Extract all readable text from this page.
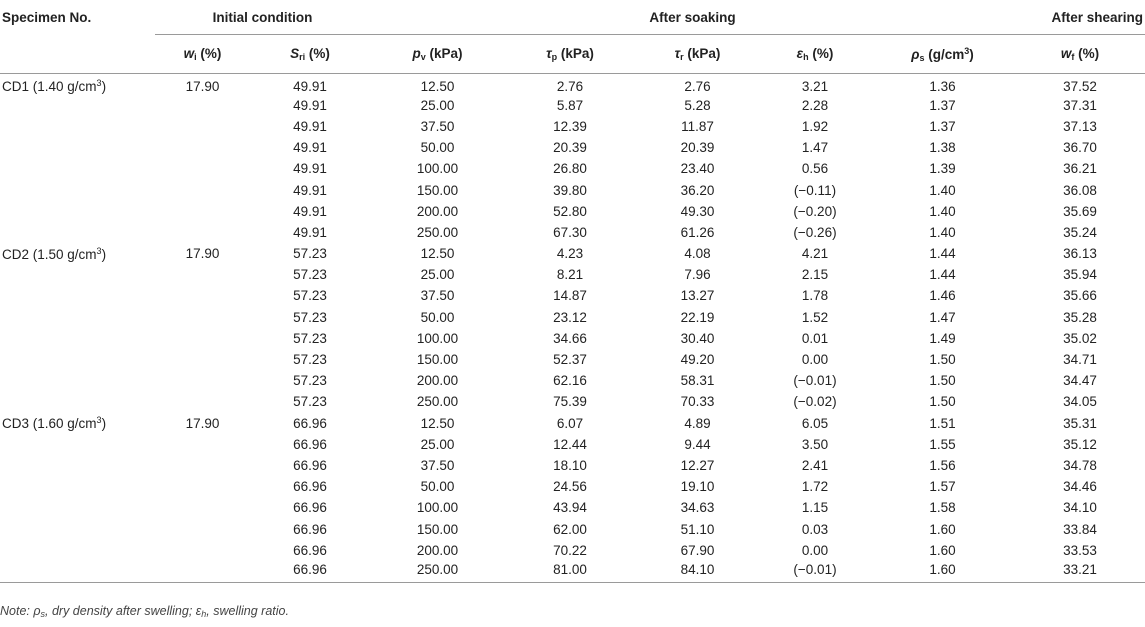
Specimen No.	Initial condition		After soaking					After shearing
	$w_i$ (%)	$S_{ri}$ (%)	$p_v$ (kPa)	$\tau_p$ (kPa)	$\tau_r$ (kPa)	$\varepsilon_h$ (%)	$\rho_s$ $(g/cm^3)$	$w_f$ (%)
CD1 (1.40 $g/cm^3$)	17.90	49.91	12.50	2.76	2.76	3.21	1.36	37.52
		49.91	25.00	5.87	5.28	2.28	1.37	37.31
		49.91	37.50	12.39	11.87	1.92	1.37	37.13
		49.91	50.00	20.39	20.39	1.47	1.38	36.70
		49.91	100.00	26.80	23.40	0.56	1.39	36.21
		49.91	150.00	39.80	36.20	(−0.11)	1.40	36.08
		49.91	200.00	52.80	49.30	(−0.20)	1.40	35.69
		49.91	250.00	67.30	61.26	(−0.26)	1.40	35.24
CD2 (1.50 $g/cm^3$)	17.90	57.23	12.50	4.23	4.08	4.21	1.44	36.13
		57.23	25.00	8.21	7.96	2.15	1.44	35.94
		57.23	37.50	14.87	13.27	1.78	1.46	35.66
		57.23	50.00	23.12	22.19	1.52	1.47	35.28
		57.23	100.00	34.66	30.40	0.01	1.49	35.02
		57.23	150.00	52.37	49.20	0.00	1.50	34.71
		57.23	200.00	62.16	58.31	(−0.01)	1.50	34.47
		57.23	250.00	75.39	70.33	(−0.02)	1.50	34.05
CD3 (1.60 $g/cm^3$)	17.90	66.96	12.50	6.07	4.89	6.05	1.51	35.31
		66.96	25.00	12.44	9.44	3.50	1.55	35.12
		66.96	37.50	18.10	12.27	2.41	1.56	34.78
		66.96	50.00	24.56	19.10	1.72	1.57	34.46
		66.96	100.00	43.94	34.63	1.15	1.58	34.10
		66.96	150.00	62.00	51.10	0.03	1.60	33.84
		66.96	200.00	70.22	67.90	0.00	1.60	33.53
		66.96	250.00	81.00	84.10	(−0.01)	1.60	33.21
Note: $\rho_s$, dry density after swelling; $\varepsilon_h$, swelling ratio.
